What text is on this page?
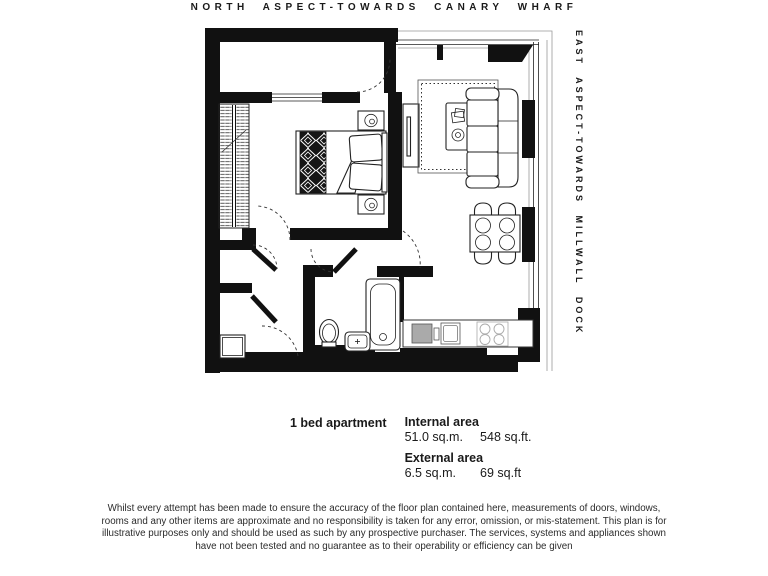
NORTH ASPECT-TOWARDS CANARY WHARF
EAST ASPECT-TOWARDS MILLWALL DOCK
1 bed apartment Internal area
51.0 sq.m. 548 sq.ft.
External area
6.5 sq.m. 69 sq.ft
Whilst every attempt has been made to ensure the accuracy of the floor plan contained here, measurements of doors, windows, rooms and any other items are approximate and no responsibility is taken for any error, omission, or mis-statement. This plan is for illustrative purposes only and should be used as such by any prospective purchaser. The services, systems and appliances shown have not been tested and no guarantee as to their operability or efficiency can be given
